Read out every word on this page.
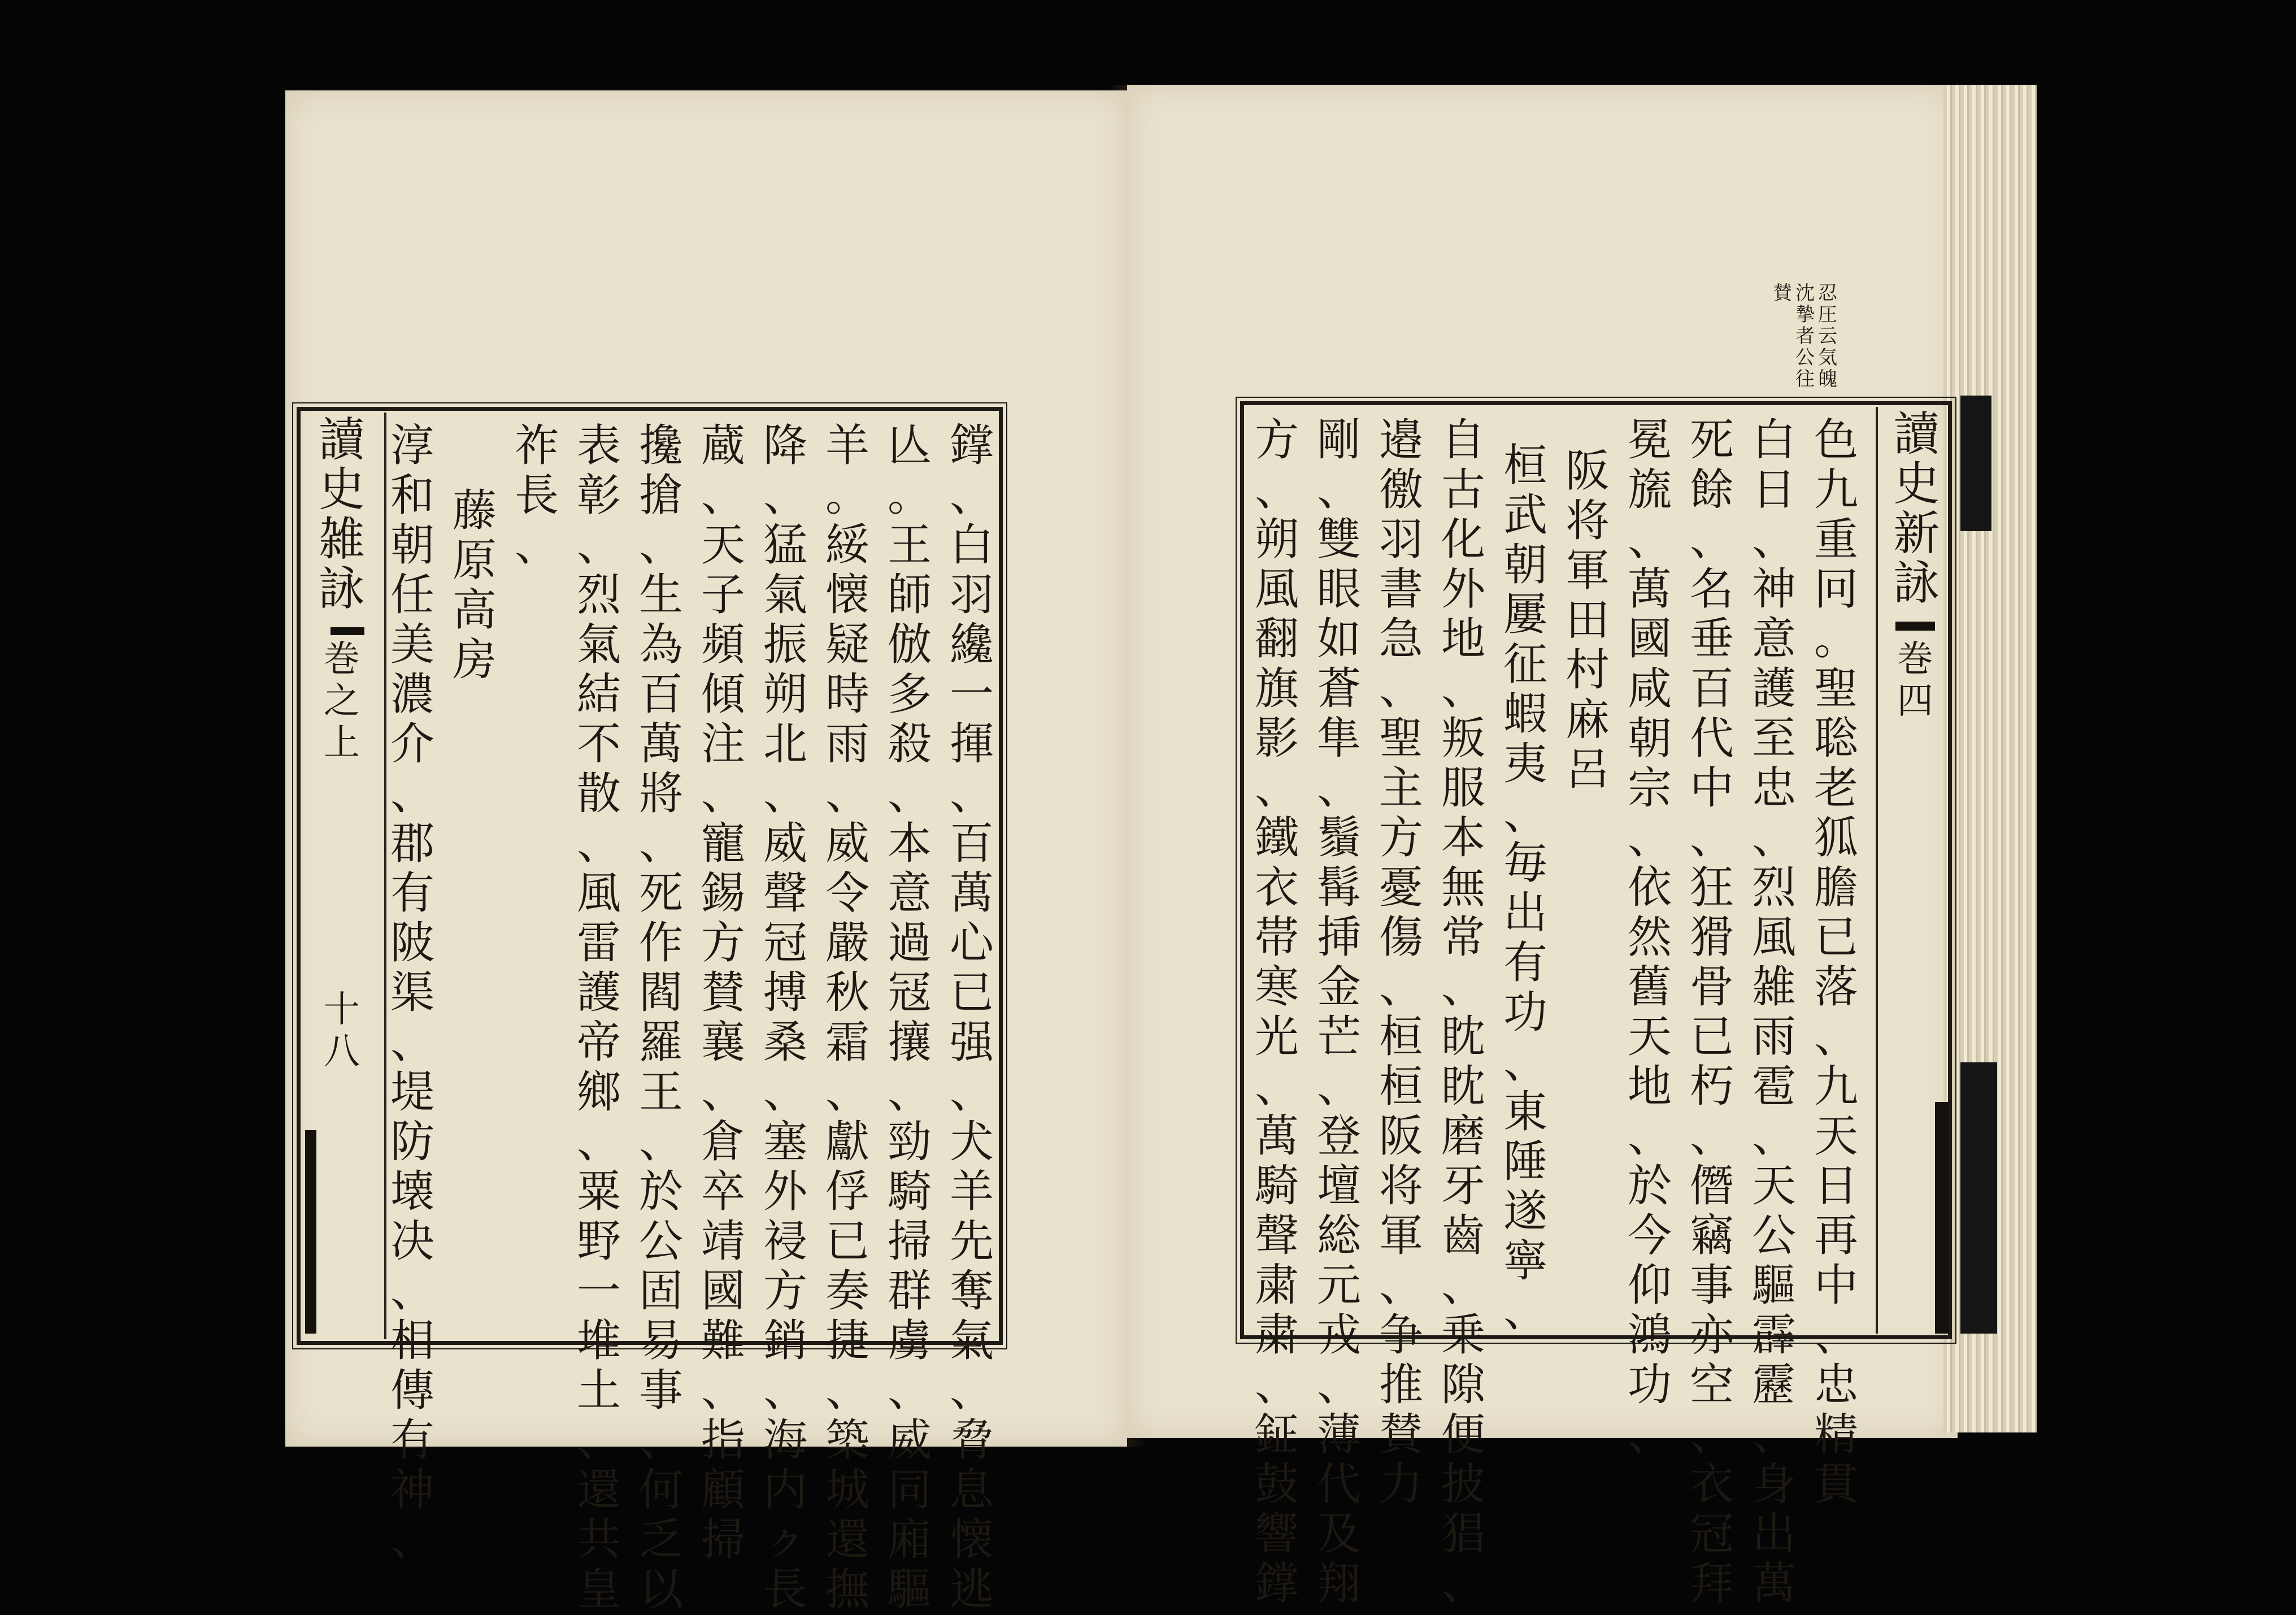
讀
史
雑
詠
巻
之
上
十
八
讀
史
新
詠
巻
四
忍
圧
云
気
魄
沈
摯
者
公
往
賛
鐣
、
白
羽
纔
一
揮
、
百
萬
心
已
强
、
犬
羊
先
奪
氣
、
脅
息
懐
逃
亾
。
王
師
倣
多
殺
、
本
意
過
冦
攘
、
勁
騎
掃
群
虜
、
威
同
廂
驅
羊
。
綏
懐
疑
時
雨
、
威
令
嚴
秋
霜
、
獻
俘
已
奏
捷
、
築
城
還
撫
降
、
猛
氣
振
朔
北
、
威
聲
冠
搏
桑
、
塞
外
祲
方
銷
、
海
内
ㇰ
長
蔵
、
天
子
頻
傾
注
、
寵
錫
方
賛
襄
、
倉
卒
靖
國
難
、
指
顧
掃
攙
搶
、
生
為
百
萬
將
、
死
作
閻
羅
王
、
於
公
固
易
事
、
何
乏
以
表
彰
、
烈
氣
結
不
散
、
風
雷
護
帝
鄉
、
粟
野
一
堆
土
、
還
共
皇
祚
長
、
藤
原
高
房
淳
和
朝
任
美
濃
介
、
郡
有
陂
渠
、
堤
防
壊
决
、
相
傳
有
神
、
色
九
重
冋
。
聖
聡
老
狐
膽
已
落
、
九
天
日
再
中
、
忠
精
貫
白
日
、
神
意
護
至
忠
、
烈
風
雑
雨
雹
、
天
公
驅
霹
靂
、
身
出
萬
死
餘
、
名
垂
百
代
中
、
狂
猾
骨
已
朽
、
僭
竊
事
亦
空
、
衣
冠
拜
冕
旒
、
萬
國
咸
朝
宗
、
依
然
舊
天
地
、
於
今
仰
鴻
功
、
阪
将
軍
田
村
麻
呂
桓
武
朝
屢
征
蝦
夷
、
毎
出
有
功
、
東
陲
遂
寧
、
自
古
化
外
地
、
叛
服
本
無
常
、
眈
眈
磨
牙
齒
、
乗
隙
便
披
猖
、
邉
徼
羽
書
急
、
聖
主
方
憂
傷
、
桓
桓
阪
将
軍
、
争
推
賛
力
剛
、
雙
眼
如
蒼
隼
、
鬚
髯
挿
金
芒
、
登
壇
総
元
戎
、
薄
代
及
翔
方
、
朔
風
翻
旗
影
、
鐵
衣
帯
寒
光
、
萬
騎
聲
粛
粛
、
鉦
鼓
響
鐣
